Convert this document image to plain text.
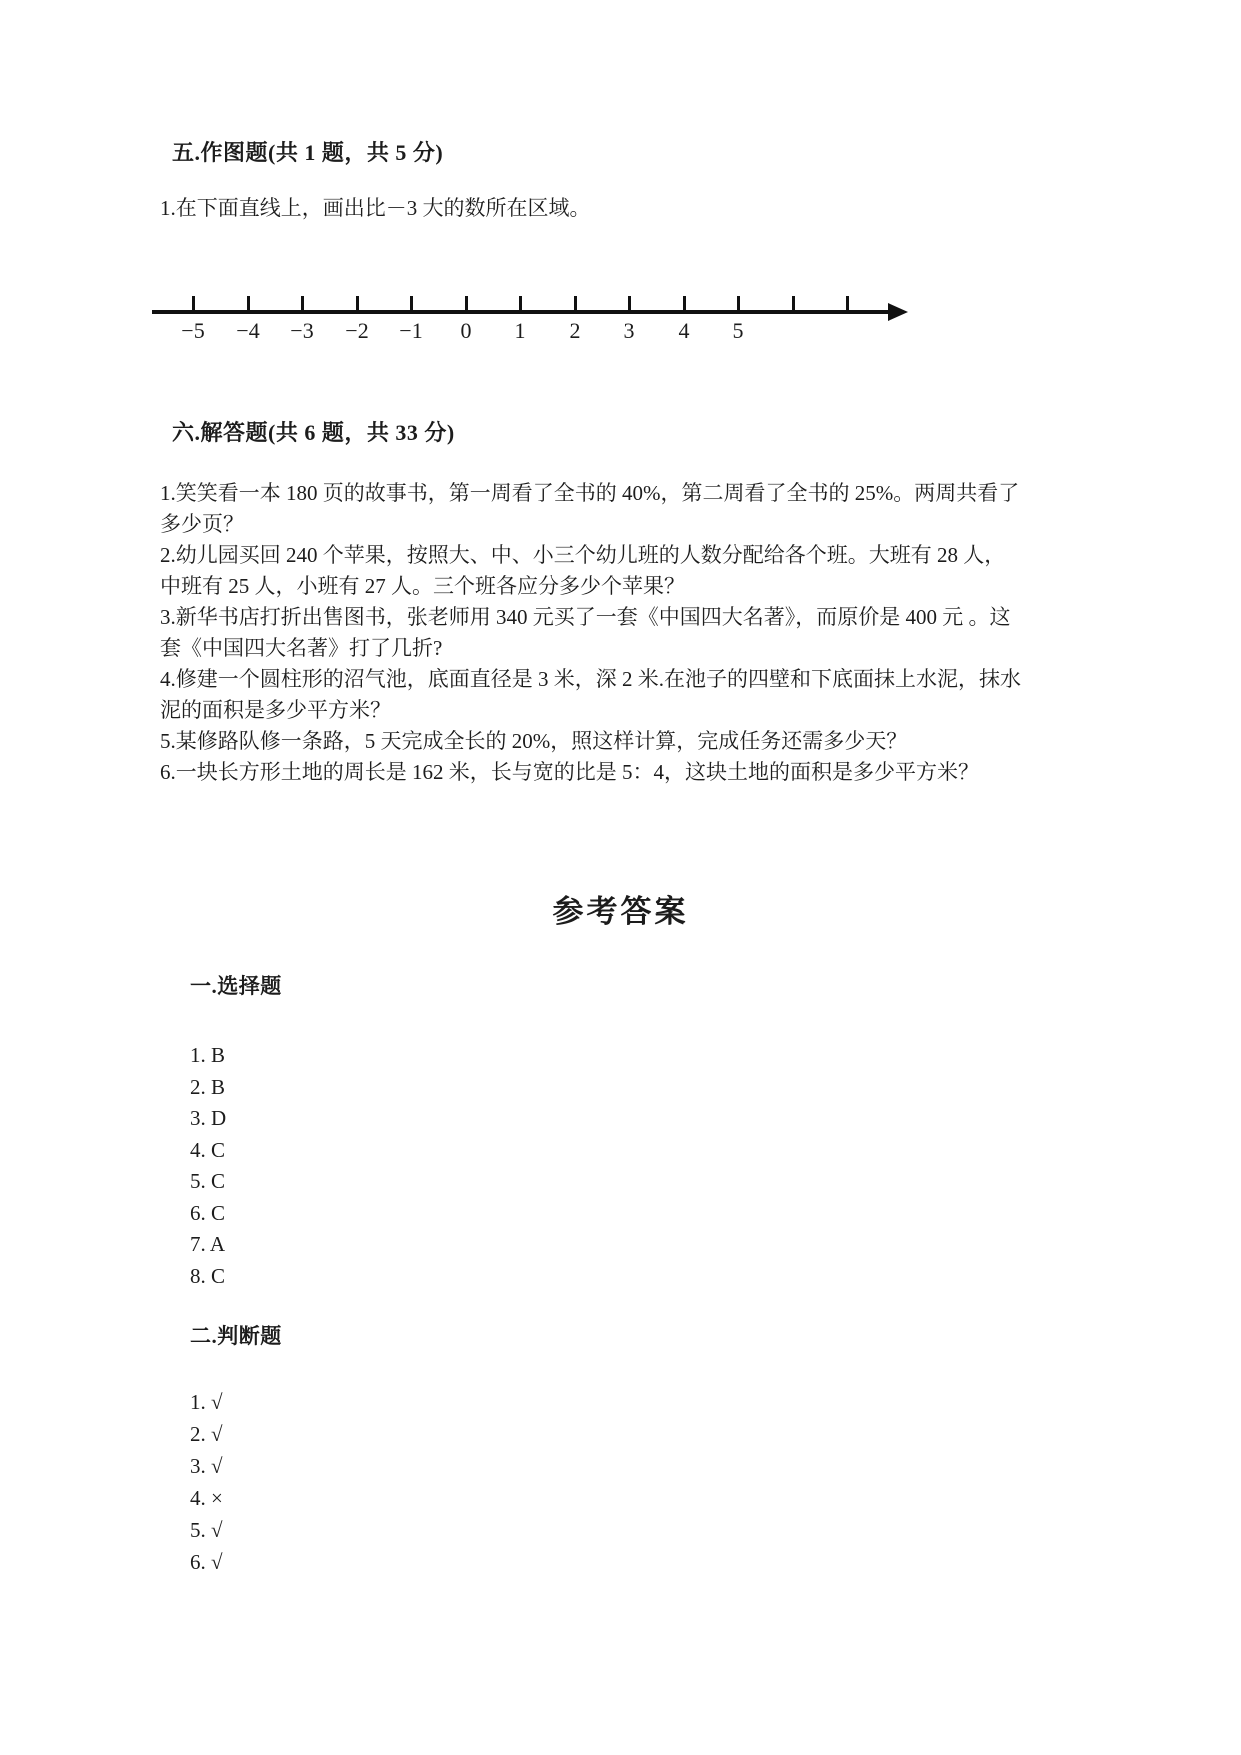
五.作图题(共 1 题，共 5 分)
1.在下面直线上，画出比－3 大的数所在区域。
−5 −4 −3 −2 −1 0 1 2 3 4 5
六.解答题(共 6 题，共 33 分)

1.笑笑看一本 180 页的故事书，第一周看了全书的 40%，第二周看了全书的 25%。两周共看了多少页？

2.幼儿园买回 240 个苹果，按照大、中、小三个幼儿班的人数分配给各个班。大班有 28 人，中班有 25 人，小班有 27 人。三个班各应分多少个苹果？

3.新华书店打折出售图书，张老师用 340 元买了一套《中国四大名著》，而原价是 400 元 。这套《中国四大名著》打了几折?

4.修建一个圆柱形的沼气池，底面直径是 3 米，深 2 米.在池子的四壁和下底面抹上水泥，抹水泥的面积是多少平方米？

5.某修路队修一条路，5 天完成全长的 20%，照这样计算，完成任务还需多少天？

6.一块长方形土地的周长是 162 米，长与宽的比是 5：4，这块土地的面积是多少平方米？

参考答案
一.选择题

1. B

2. B

3. D

4. C

5. C

6. C

7. A

8. C

二.判断题

1. √

2. √

3. √

4. ×

5. √

6. √
